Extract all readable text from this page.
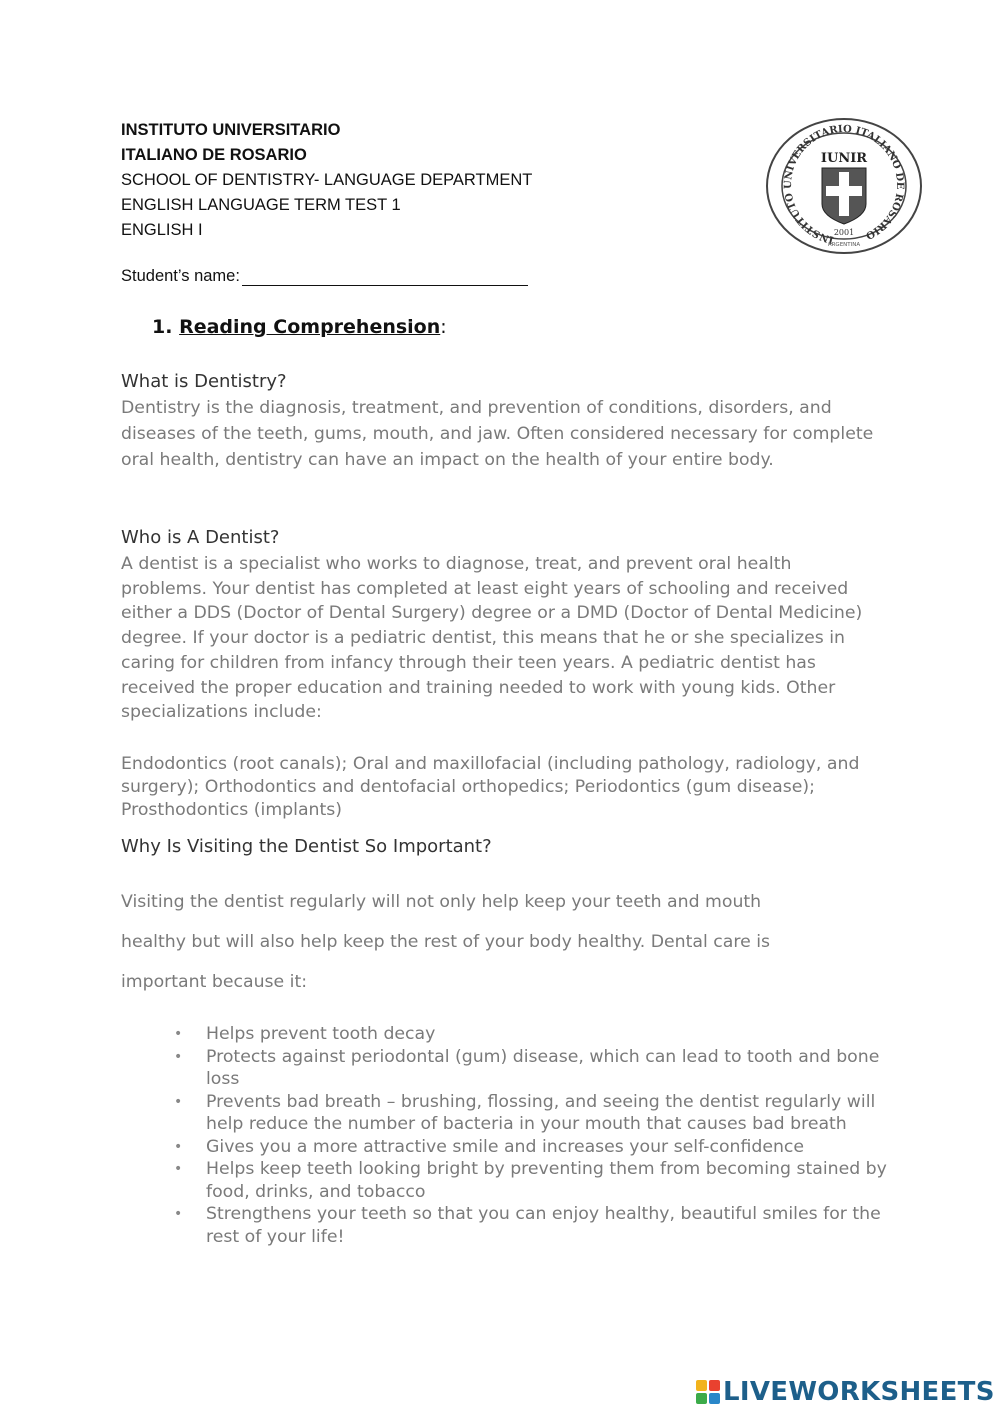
INSTITUTO UNIVERSITARIO
ITALIANO DE ROSARIO
SCHOOL OF DENTISTRY- LANGUAGE DEPARTMENT
ENGLISH LANGUAGE TERM TEST 1
ENGLISH I	INSTITUTO UNIVERSITARIO ITALIANO DE ROSARIO
IUNIR
2001
ARGENTINA
Student’s name:
1. Reading Comprehension:
What is Dentistry?
Dentistry is the diagnosis, treatment, and prevention of conditions, disorders, and diseases of the teeth, gums, mouth, and jaw. Often considered necessary for complete oral health, dentistry can have an impact on the health of your entire body.
Who is A Dentist?
A dentist is a specialist who works to diagnose, treat, and prevent oral health problems. Your dentist has completed at least eight years of schooling and received either a DDS (Doctor of Dental Surgery) degree or a DMD (Doctor of Dental Medicine) degree. If your doctor is a pediatric dentist, this means that he or she specializes in caring for children from infancy through their teen years. A pediatric dentist has received the proper education and training needed to work with young kids. Other specializations include:
Endodontics (root canals); Oral and maxillofacial (including pathology, radiology, and surgery); Orthodontics and dentofacial orthopedics; Periodontics (gum disease); Prosthodontics (implants)
Why Is Visiting the Dentist So Important?
Visiting the dentist regularly will not only help keep your teeth and mouth healthy but will also help keep the rest of your body healthy. Dental care is important because it:
• Helps prevent tooth decay
• Protects against periodontal (gum) disease, which can lead to tooth and bone loss
• Prevents bad breath – brushing, flossing, and seeing the dentist regularly will help reduce the number of bacteria in your mouth that causes bad breath
• Gives you a more attractive smile and increases your self-confidence
• Helps keep teeth looking bright by preventing them from becoming stained by food, drinks, and tobacco
• Strengthens your teeth so that you can enjoy healthy, beautiful smiles for the rest of your life!
LIVEWORKSHEETS
